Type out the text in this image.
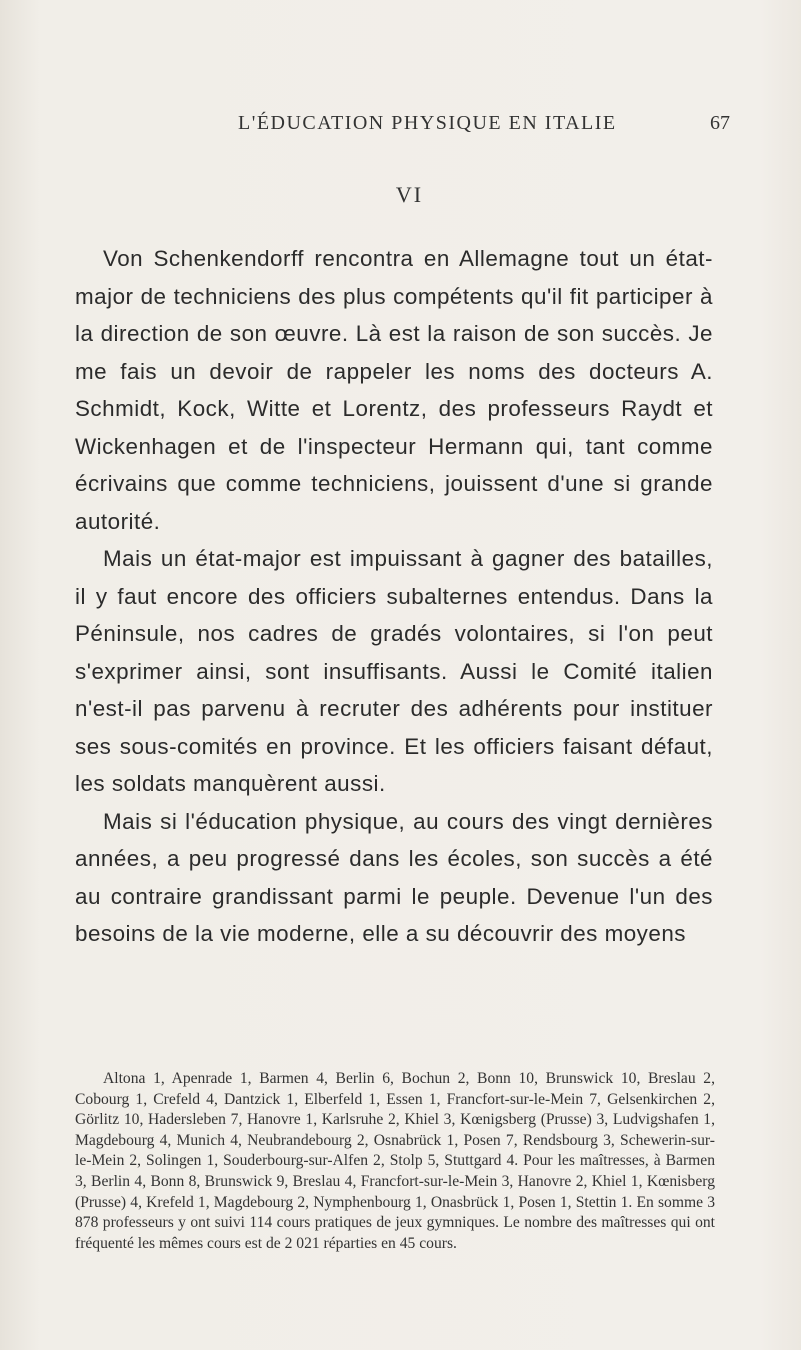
L'ÉDUCATION PHYSIQUE EN ITALIE	67
VI

Von Schenkendorff rencontra en Allemagne tout un état-major de techniciens des plus compétents qu'il fit participer à la direction de son œuvre. Là est la raison de son succès. Je me fais un devoir de rappeler les noms des docteurs A. Schmidt, Kock, Witte et Lorentz, des professeurs Raydt et Wickenhagen et de l'inspecteur Hermann qui, tant comme écrivains que comme techniciens, jouissent d'une si grande autorité.

Mais un état-major est impuissant à gagner des batailles, il y faut encore des officiers subalternes entendus. Dans la Péninsule, nos cadres de gradés volontaires, si l'on peut s'exprimer ainsi, sont insuffisants. Aussi le Comité italien n'est-il pas parvenu à recruter des adhérents pour instituer ses sous-comités en province. Et les officiers faisant défaut, les soldats manquèrent aussi.

Mais si l'éducation physique, au cours des vingt dernières années, a peu progressé dans les écoles, son succès a été au contraire grandissant parmi le peuple. Devenue l'un des besoins de la vie moderne, elle a su découvrir des moyens

Altona 1, Apenrade 1, Barmen 4, Berlin 6, Bochun 2, Bonn 10, Brunswick 10, Breslau 2, Cobourg 1, Crefeld 4, Dantzick 1, Elberfeld 1, Essen 1, Francfort-sur-le-Mein 7, Gelsenkirchen 2, Görlitz 10, Hadersleben 7, Hanovre 1, Karlsruhe 2, Khiel 3, Kœnigsberg (Prusse) 3, Ludvigshafen 1, Magdebourg 4, Munich 4, Neubrandebourg 2, Osnabrück 1, Posen 7, Rendsbourg 3, Schewerin-sur-le-Mein 2, Solingen 1, Souderbourg-sur-Alfen 2, Stolp 5, Stuttgard 4. Pour les maîtresses, à Barmen 3, Berlin 4, Bonn 8, Brunswick 9, Breslau 4, Francfort-sur-le-Mein 3, Hanovre 2, Khiel 1, Kœnisberg (Prusse) 4, Krefeld 1, Magdebourg 2, Nymphenbourg 1, Onasbrück 1, Posen 1, Stettin 1. En somme 3 878 professeurs y ont suivi 114 cours pratiques de jeux gymniques. Le nombre des maîtresses qui ont fréquenté les mêmes cours est de 2 021 réparties en 45 cours.
